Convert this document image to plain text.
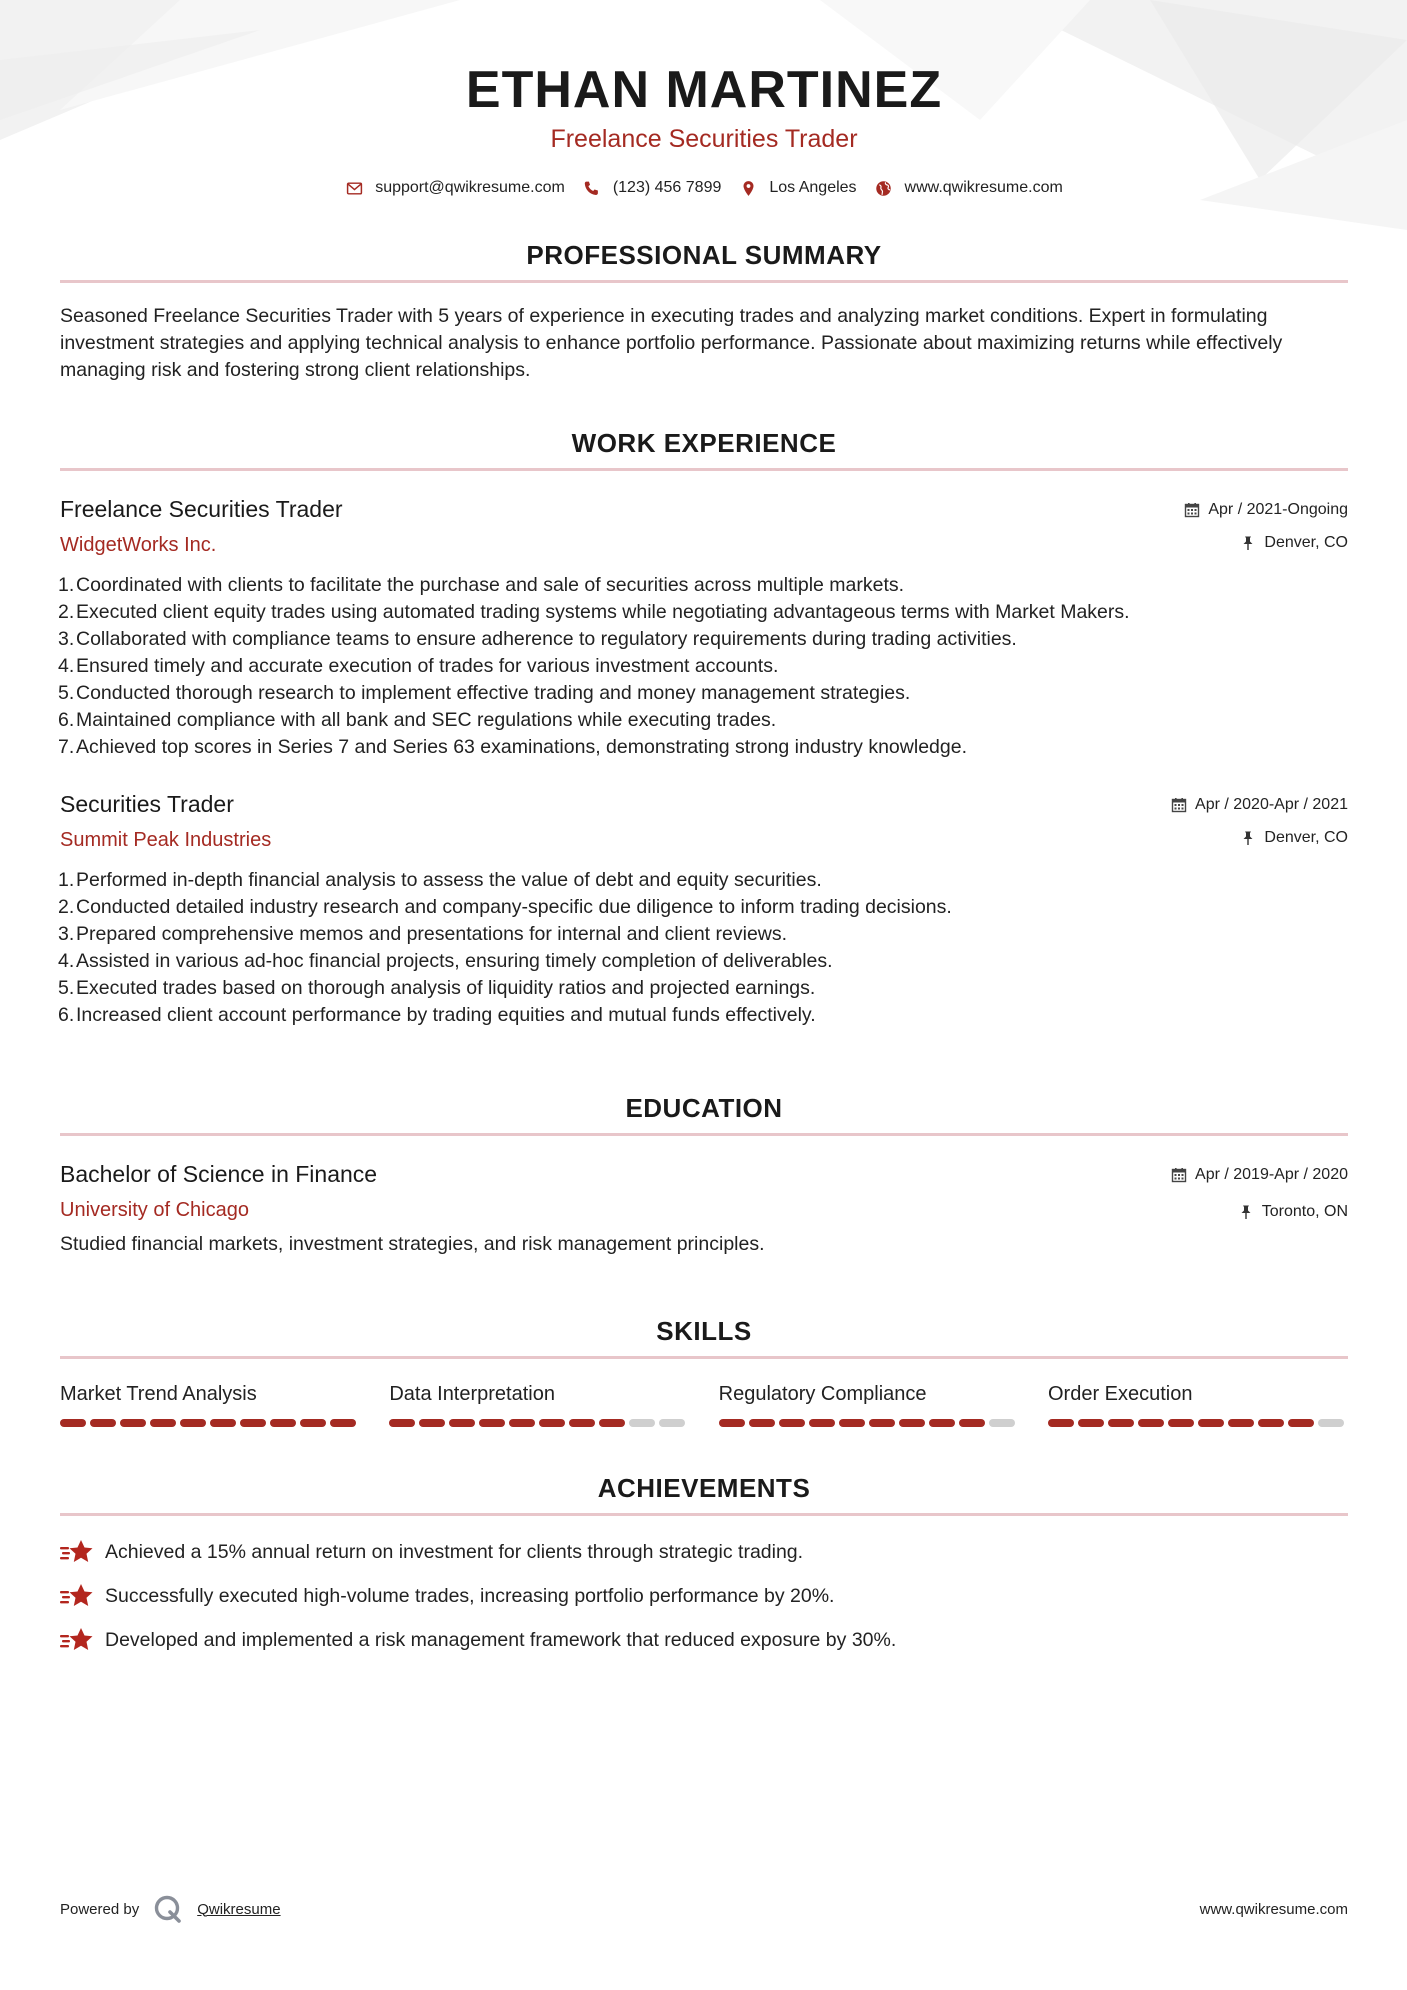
ETHAN MARTINEZ
Freelance Securities Trader
support@qwikresume.com	(123) 456 7899	Los Angeles	www.qwikresume.com
PROFESSIONAL SUMMARY

Seasoned Freelance Securities Trader with 5 years of experience in executing trades and analyzing market conditions. Expert in formulating investment strategies and applying technical analysis to enhance portfolio performance. Passionate about maximizing returns while effectively managing risk and fostering strong client relationships.

WORK EXPERIENCE
Freelance Securities Trader
WidgetWorks Inc.
Apr / 2021-Ongoing
Denver, CO
1. Coordinated with clients to facilitate the purchase and sale of securities across multiple markets.
2. Executed client equity trades using automated trading systems while negotiating advantageous terms with Market Makers.
3. Collaborated with compliance teams to ensure adherence to regulatory requirements during trading activities.
4. Ensured timely and accurate execution of trades for various investment accounts.
5. Conducted thorough research to implement effective trading and money management strategies.
6. Maintained compliance with all bank and SEC regulations while executing trades.
7. Achieved top scores in Series 7 and Series 63 examinations, demonstrating strong industry knowledge.
Securities Trader
Summit Peak Industries
Apr / 2020-Apr / 2021
Denver, CO
1. Performed in-depth financial analysis to assess the value of debt and equity securities.
2. Conducted detailed industry research and company-specific due diligence to inform trading decisions.
3. Prepared comprehensive memos and presentations for internal and client reviews.
4. Assisted in various ad-hoc financial projects, ensuring timely completion of deliverables.
5. Executed trades based on thorough analysis of liquidity ratios and projected earnings.
6. Increased client account performance by trading equities and mutual funds effectively.
EDUCATION
Bachelor of Science in Finance
University of Chicago
Apr / 2019-Apr / 2020
Toronto, ON

Studied financial markets, investment strategies, and risk management principles.

SKILLS
Market Trend Analysis	Data Interpretation	Regulatory Compliance	Order Execution
ACHIEVEMENTS
Achieved a 15% annual return on investment for clients through strategic trading.
Successfully executed high-volume trades, increasing portfolio performance by 20%.
Developed and implemented a risk management framework that reduced exposure by 30%.
Powered by	Qwikresume	www.qwikresume.com
